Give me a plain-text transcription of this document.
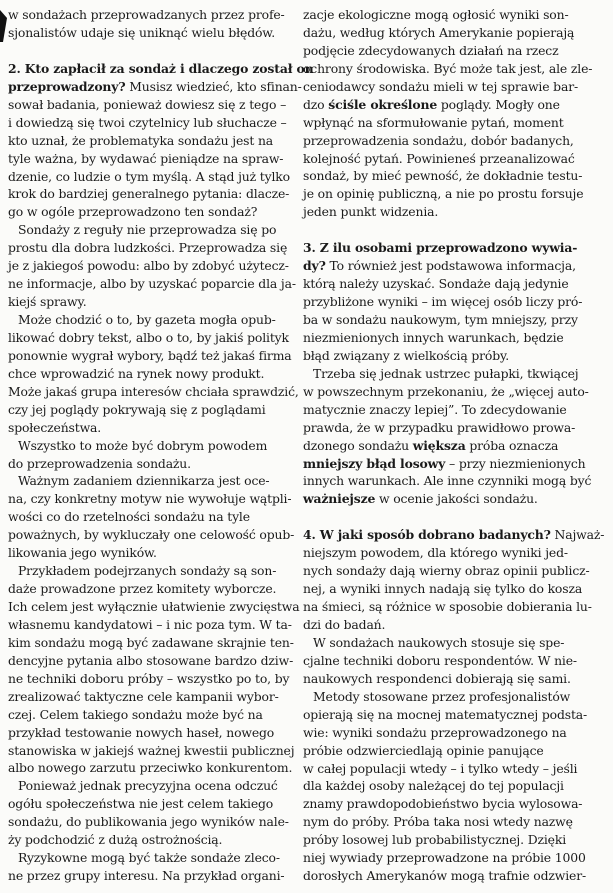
w sondażach przeprowadzanych przez profe-
sjonalistów udaje się uniknąć wielu błędów.
2. Kto zapłacił za sondaż i dlaczego został on
przeprowadzony? Musisz wiedzieć, kto sfinan-
sował badania, ponieważ dowiesz się z tego –
i dowiedzą się twoi czytelnicy lub słuchacze –
kto uznał, że problematyka sondażu jest na
tyle ważna, by wydawać pieniądze na spraw-
dzenie, co ludzie o tym myślą. A stąd już tylko
krok do bardziej generalnego pytania: dlacze-
go w ogóle przeprowadzono ten sondaż?
Sondaży z reguły nie przeprowadza się po
prostu dla dobra ludzkości. Przeprowadza się
je z jakiegoś powodu: albo by zdobyć użytecz-
ne informacje, albo by uzyskać poparcie dla ja-
kiejś sprawy.
Może chodzić o to, by gazeta mogła opub-
likować dobry tekst, albo o to, by jakiś polityk
ponownie wygrał wybory, bądź też jakaś firma
chce wprowadzić na rynek nowy produkt.
Może jakaś grupa interesów chciała sprawdzić,
czy jej poglądy pokrywają się z poglądami
społeczeństwa.
Wszystko to może być dobrym powodem
do przeprowadzenia sondażu.
Ważnym zadaniem dziennikarza jest oce-
na, czy konkretny motyw nie wywołuje wątpli-
wości co do rzetelności sondażu na tyle
poważnych, by wykluczały one celowość opub-
likowania jego wyników.
Przykładem podejrzanych sondaży są son-
daże prowadzone przez komitety wyborcze.
Ich celem jest wyłącznie ułatwienie zwycięstwa
własnemu kandydatowi – i nic poza tym. W ta-
kim sondażu mogą być zadawane skrajnie ten-
dencyjne pytania albo stosowane bardzo dziw-
ne techniki doboru próby – wszystko po to, by
zrealizować taktyczne cele kampanii wybor-
czej. Celem takiego sondażu może być na
przykład testowanie nowych haseł, nowego
stanowiska w jakiejś ważnej kwestii publicznej
albo nowego zarzutu przeciwko konkurentom.
Ponieważ jednak precyzyjna ocena odczuć
ogółu społeczeństwa nie jest celem takiego
sondażu, do publikowania jego wyników nale-
ży podchodzić z dużą ostrożnością.
Ryzykowne mogą być także sondaże zleco-
ne przez grupy interesu. Na przykład organi-
zacje ekologiczne mogą ogłosić wyniki son-
dażu, według których Amerykanie popierają
podjęcie zdecydowanych działań na rzecz
ochrony środowiska. Być może tak jest, ale zle-
ceniodawcy sondażu mieli w tej sprawie bar-
dzo ściśle określone poglądy. Mogły one
wpłynąć na sformułowanie pytań, moment
przeprowadzenia sondażu, dobór badanych,
kolejność pytań. Powinieneś przeanalizować
sondaż, by mieć pewność, że dokładnie testu-
je on opinię publiczną, a nie po prostu forsuje
jeden punkt widzenia.
3. Z ilu osobami przeprowadzono wywia-
dy? To również jest podstawowa informacja,
którą należy uzyskać. Sondaże dają jedynie
przybliżone wyniki – im więcej osób liczy pró-
ba w sondażu naukowym, tym mniejszy, przy
niezmienionych innych warunkach, będzie
błąd związany z wielkością próby.
Trzeba się jednak ustrzec pułapki, tkwiącej
w powszechnym przekonaniu, że „więcej auto-
matycznie znaczy lepiej”. To zdecydowanie
prawda, że w przypadku prawidłowo prowa-
dzonego sondażu większa próba oznacza
mniejszy błąd losowy – przy niezmienionych
innych warunkach. Ale inne czynniki mogą być
ważniejsze w ocenie jakości sondażu.
4. W jaki sposób dobrano badanych? Najważ-
niejszym powodem, dla którego wyniki jed-
nych sondaży dają wierny obraz opinii publicz-
nej, a wyniki innych nadają się tylko do kosza
na śmieci, są różnice w sposobie dobierania lu-
dzi do badań.
W sondażach naukowych stosuje się spe-
cjalne techniki doboru respondentów. W nie-
naukowych respondenci dobierają się sami.
Metody stosowane przez profesjonalistów
opierają się na mocnej matematycznej podsta-
wie: wyniki sondażu przeprowadzonego na
próbie odzwierciedlają opinie panujące
w całej populacji wtedy – i tylko wtedy – jeśli
dla każdej osoby należącej do tej populacji
znamy prawdopodobieństwo bycia wylosowa-
nym do próby. Próba taka nosi wtedy nazwę
próby losowej lub probabilistycznej. Dzięki
niej wywiady przeprowadzone na próbie 1000
dorosłych Amerykanów mogą trafnie odzwier-
